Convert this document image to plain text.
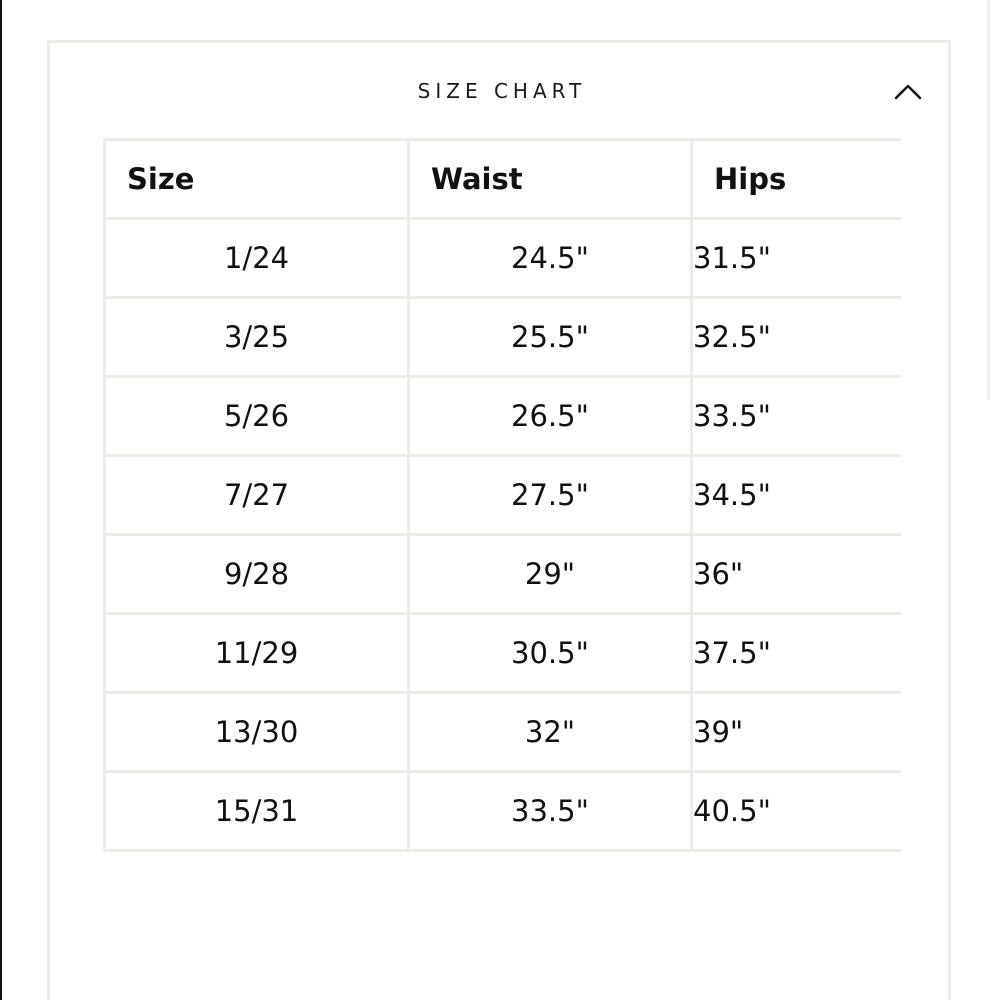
SIZE CHART
Size	Waist	Hips
1/24	24.5"	31.5"
3/25	25.5"	32.5"
5/26	26.5"	33.5"
7/27	27.5"	34.5"
9/28	29"	36"
11/29	30.5"	37.5"
13/30	32"	39"
15/31	33.5"	40.5"
